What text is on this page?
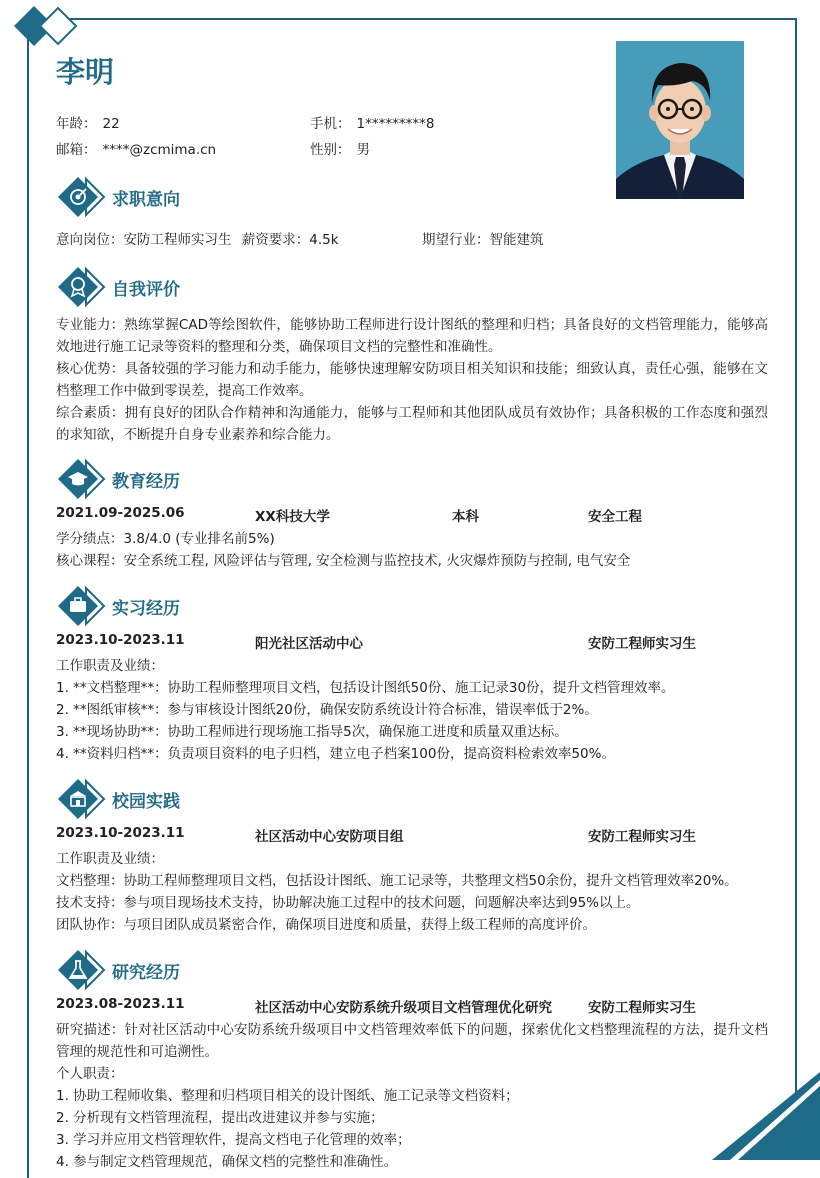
李明
年龄： 22	手机： 1*********8
邮箱： ****@zcmima.cn	性别： 男
求职意向
意向岗位：安防工程师实习生 薪资要求：4.5k	期望行业：智能建筑
自我评价
专业能力：熟练掌握CAD等绘图软件，能够协助工程师进行设计图纸的整理和归档；具备良好的文档管理能力，能够高效地进行施工记录等资料的整理和分类，确保项目文档的完整性和准确性。
核心优势：具备较强的学习能力和动手能力，能够快速理解安防项目相关知识和技能；细致认真，责任心强，能够在文档整理工作中做到零误差，提高工作效率。
综合素质：拥有良好的团队合作精神和沟通能力，能够与工程师和其他团队成员有效协作；具备积极的工作态度和强烈的求知欲，不断提升自身专业素养和综合能力。
教育经历
2021.09-2025.06	XX科技大学	本科	安全工程
学分绩点：3.8/4.0 (专业排名前5%)
核心课程：安全系统工程, 风险评估与管理, 安全检测与监控技术, 火灾爆炸预防与控制, 电气安全
实习经历
2023.10-2023.11	阳光社区活动中心	安防工程师实习生
工作职责及业绩：
1. **文档整理**：协助工程师整理项目文档，包括设计图纸50份、施工记录30份，提升文档管理效率。
2. **图纸审核**：参与审核设计图纸20份，确保安防系统设计符合标准，错误率低于2%。
3. **现场协助**：协助工程师进行现场施工指导5次，确保施工进度和质量双重达标。
4. **资料归档**：负责项目资料的电子归档，建立电子档案100份，提高资料检索效率50%。
校园实践
2023.10-2023.11	社区活动中心安防项目组	安防工程师实习生
工作职责及业绩：
文档整理：协助工程师整理项目文档，包括设计图纸、施工记录等，共整理文档50余份，提升文档管理效率20%。
技术支持：参与项目现场技术支持，协助解决施工过程中的技术问题，问题解决率达到95%以上。
团队协作：与项目团队成员紧密合作，确保项目进度和质量，获得上级工程师的高度评价。
研究经历
2023.08-2023.11	社区活动中心安防系统升级项目文档管理优化研究	安防工程师实习生
研究描述：针对社区活动中心安防系统升级项目中文档管理效率低下的问题，探索优化文档整理流程的方法，提升文档管理的规范性和可追溯性。
个人职责：
1. 协助工程师收集、整理和归档项目相关的设计图纸、施工记录等文档资料；
2. 分析现有文档管理流程，提出改进建议并参与实施；
3. 学习并应用文档管理软件，提高文档电子化管理的效率；
4. 参与制定文档管理规范，确保文档的完整性和准确性。
